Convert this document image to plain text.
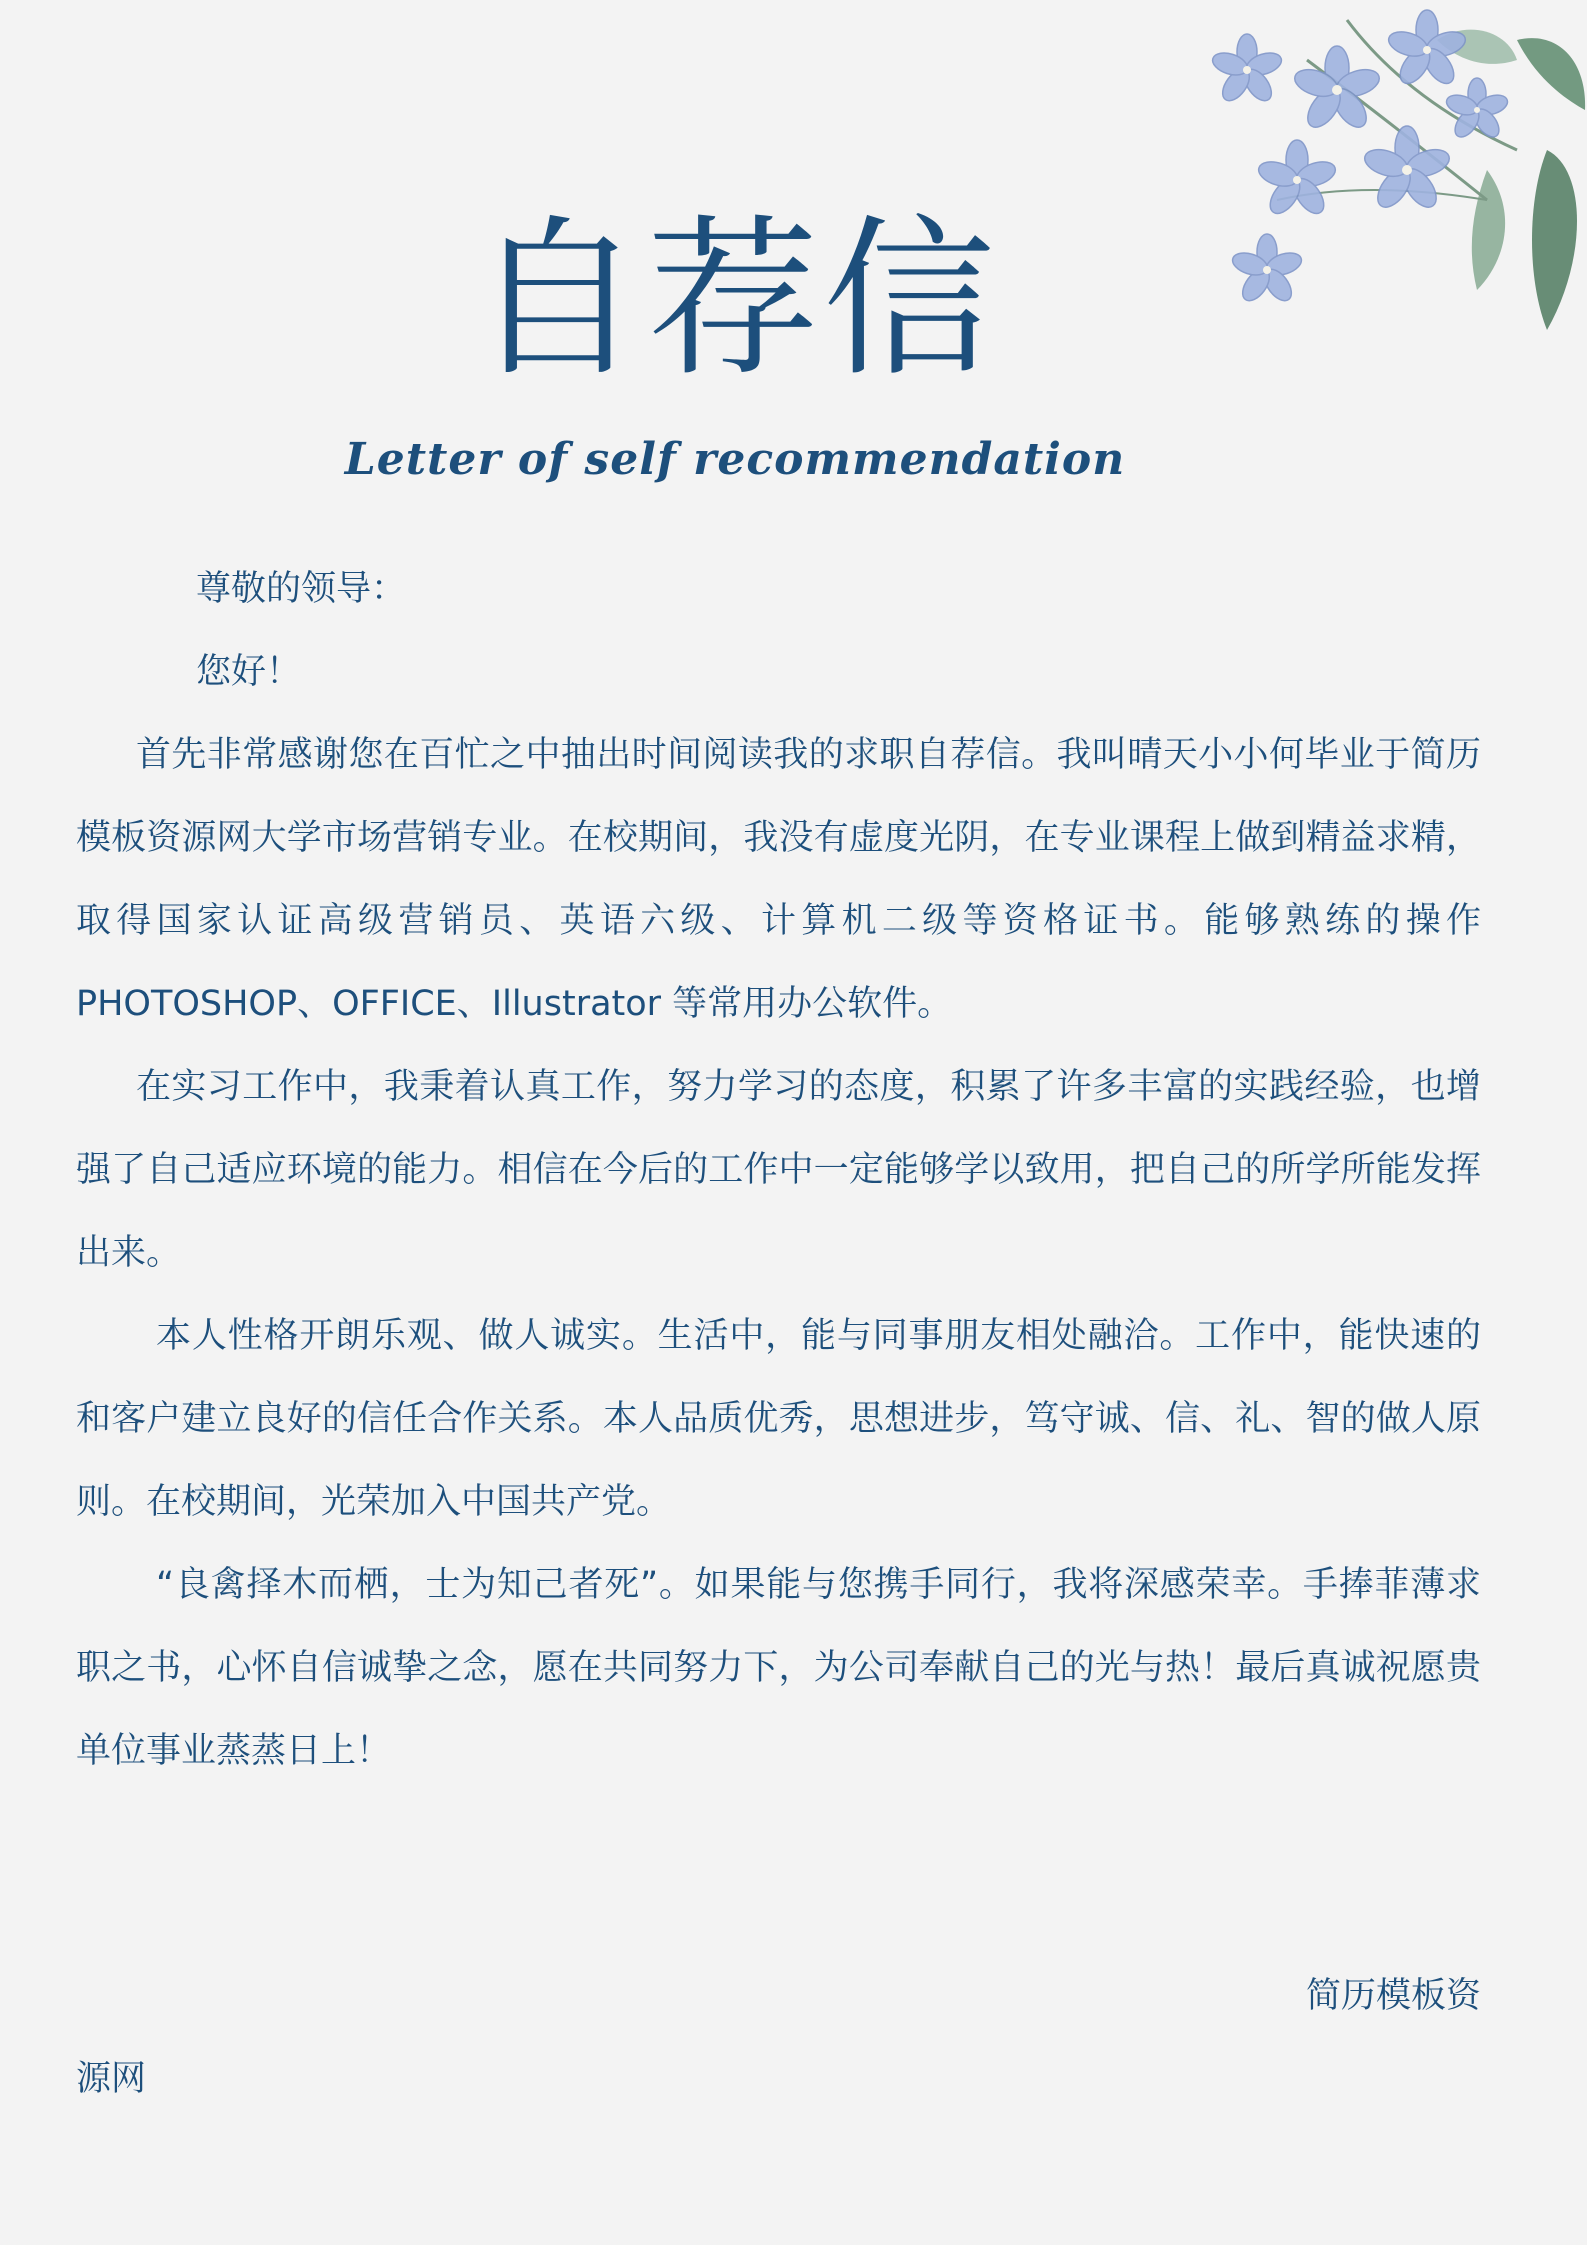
自荐信
Letter of self recommendation

尊敬的领导：

您好！

首先非常感谢您在百忙之中抽出时间阅读我的求职自荐信。我叫晴天小小何毕业于简历模板资源网大学市场营销专业。在校期间，我没有虚度光阴，在专业课程上做到精益求精，取得国家认证高级营销员、英语六级、计算机二级等资格证书。能够熟练的操作 PHOTOSHOP、OFFICE、Illustrator 等常用办公软件。

在实习工作中，我秉着认真工作，努力学习的态度，积累了许多丰富的实践经验，也增强了自己适应环境的能力。相信在今后的工作中一定能够学以致用，把自己的所学所能发挥出来。

本人性格开朗乐观、做人诚实。生活中，能与同事朋友相处融洽。工作中，能快速的和客户建立良好的信任合作关系。本人品质优秀，思想进步，笃守诚、信、礼、智的做人原则。在校期间，光荣加入中国共产党。

“良禽择木而栖，士为知己者死”。如果能与您携手同行，我将深感荣幸。手捧菲薄求职之书，心怀自信诚挚之念，愿在共同努力下，为公司奉献自己的光与热！最后真诚祝愿贵单位事业蒸蒸日上！

简历模板资
源网
